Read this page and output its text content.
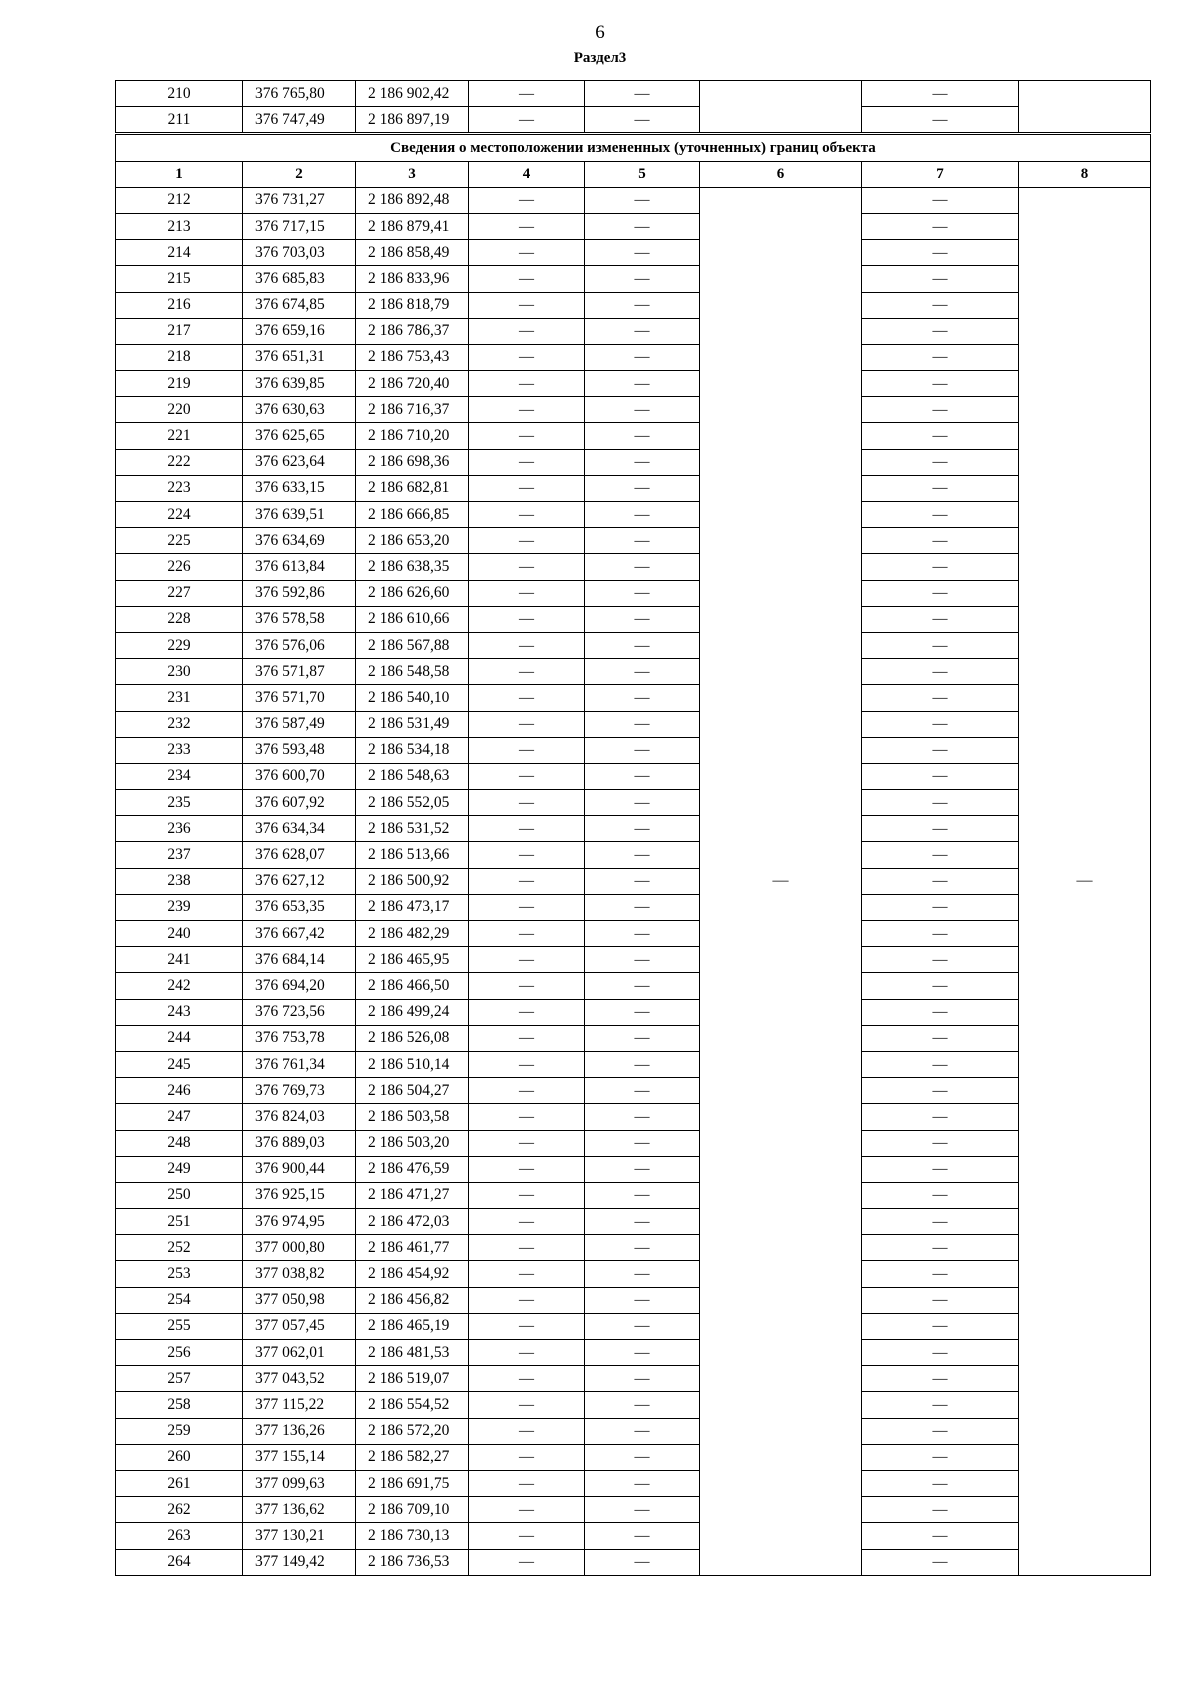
6
Раздел3
210	376 765,80	2 186 902,42	—	—		—	
211	376 747,49	2 186 897,19	—	—		—	
Сведения о местоположении измененных (уточненных) границ объекта							
1	2	3	4	5	6	7	8
212	376 731,27	2 186 892,48	—	—	—	—	—
213	376 717,15	2 186 879,41	—	—		—	
214	376 703,03	2 186 858,49	—	—		—	
215	376 685,83	2 186 833,96	—	—		—	
216	376 674,85	2 186 818,79	—	—		—	
217	376 659,16	2 186 786,37	—	—		—	
218	376 651,31	2 186 753,43	—	—		—	
219	376 639,85	2 186 720,40	—	—		—	
220	376 630,63	2 186 716,37	—	—		—	
221	376 625,65	2 186 710,20	—	—		—	
222	376 623,64	2 186 698,36	—	—		—	
223	376 633,15	2 186 682,81	—	—		—	
224	376 639,51	2 186 666,85	—	—		—	
225	376 634,69	2 186 653,20	—	—		—	
226	376 613,84	2 186 638,35	—	—		—	
227	376 592,86	2 186 626,60	—	—		—	
228	376 578,58	2 186 610,66	—	—		—	
229	376 576,06	2 186 567,88	—	—		—	
230	376 571,87	2 186 548,58	—	—		—	
231	376 571,70	2 186 540,10	—	—		—	
232	376 587,49	2 186 531,49	—	—		—	
233	376 593,48	2 186 534,18	—	—		—	
234	376 600,70	2 186 548,63	—	—		—	
235	376 607,92	2 186 552,05	—	—		—	
236	376 634,34	2 186 531,52	—	—		—	
237	376 628,07	2 186 513,66	—	—		—	
238	376 627,12	2 186 500,92	—	—		—	
239	376 653,35	2 186 473,17	—	—		—	
240	376 667,42	2 186 482,29	—	—		—	
241	376 684,14	2 186 465,95	—	—		—	
242	376 694,20	2 186 466,50	—	—		—	
243	376 723,56	2 186 499,24	—	—		—	
244	376 753,78	2 186 526,08	—	—		—	
245	376 761,34	2 186 510,14	—	—		—	
246	376 769,73	2 186 504,27	—	—		—	
247	376 824,03	2 186 503,58	—	—		—	
248	376 889,03	2 186 503,20	—	—		—	
249	376 900,44	2 186 476,59	—	—		—	
250	376 925,15	2 186 471,27	—	—		—	
251	376 974,95	2 186 472,03	—	—		—	
252	377 000,80	2 186 461,77	—	—		—	
253	377 038,82	2 186 454,92	—	—		—	
254	377 050,98	2 186 456,82	—	—		—	
255	377 057,45	2 186 465,19	—	—		—	
256	377 062,01	2 186 481,53	—	—		—	
257	377 043,52	2 186 519,07	—	—		—	
258	377 115,22	2 186 554,52	—	—		—	
259	377 136,26	2 186 572,20	—	—		—	
260	377 155,14	2 186 582,27	—	—		—	
261	377 099,63	2 186 691,75	—	—		—	
262	377 136,62	2 186 709,10	—	—		—	
263	377 130,21	2 186 730,13	—	—		—	
264	377 149,42	2 186 736,53	—	—		—	
